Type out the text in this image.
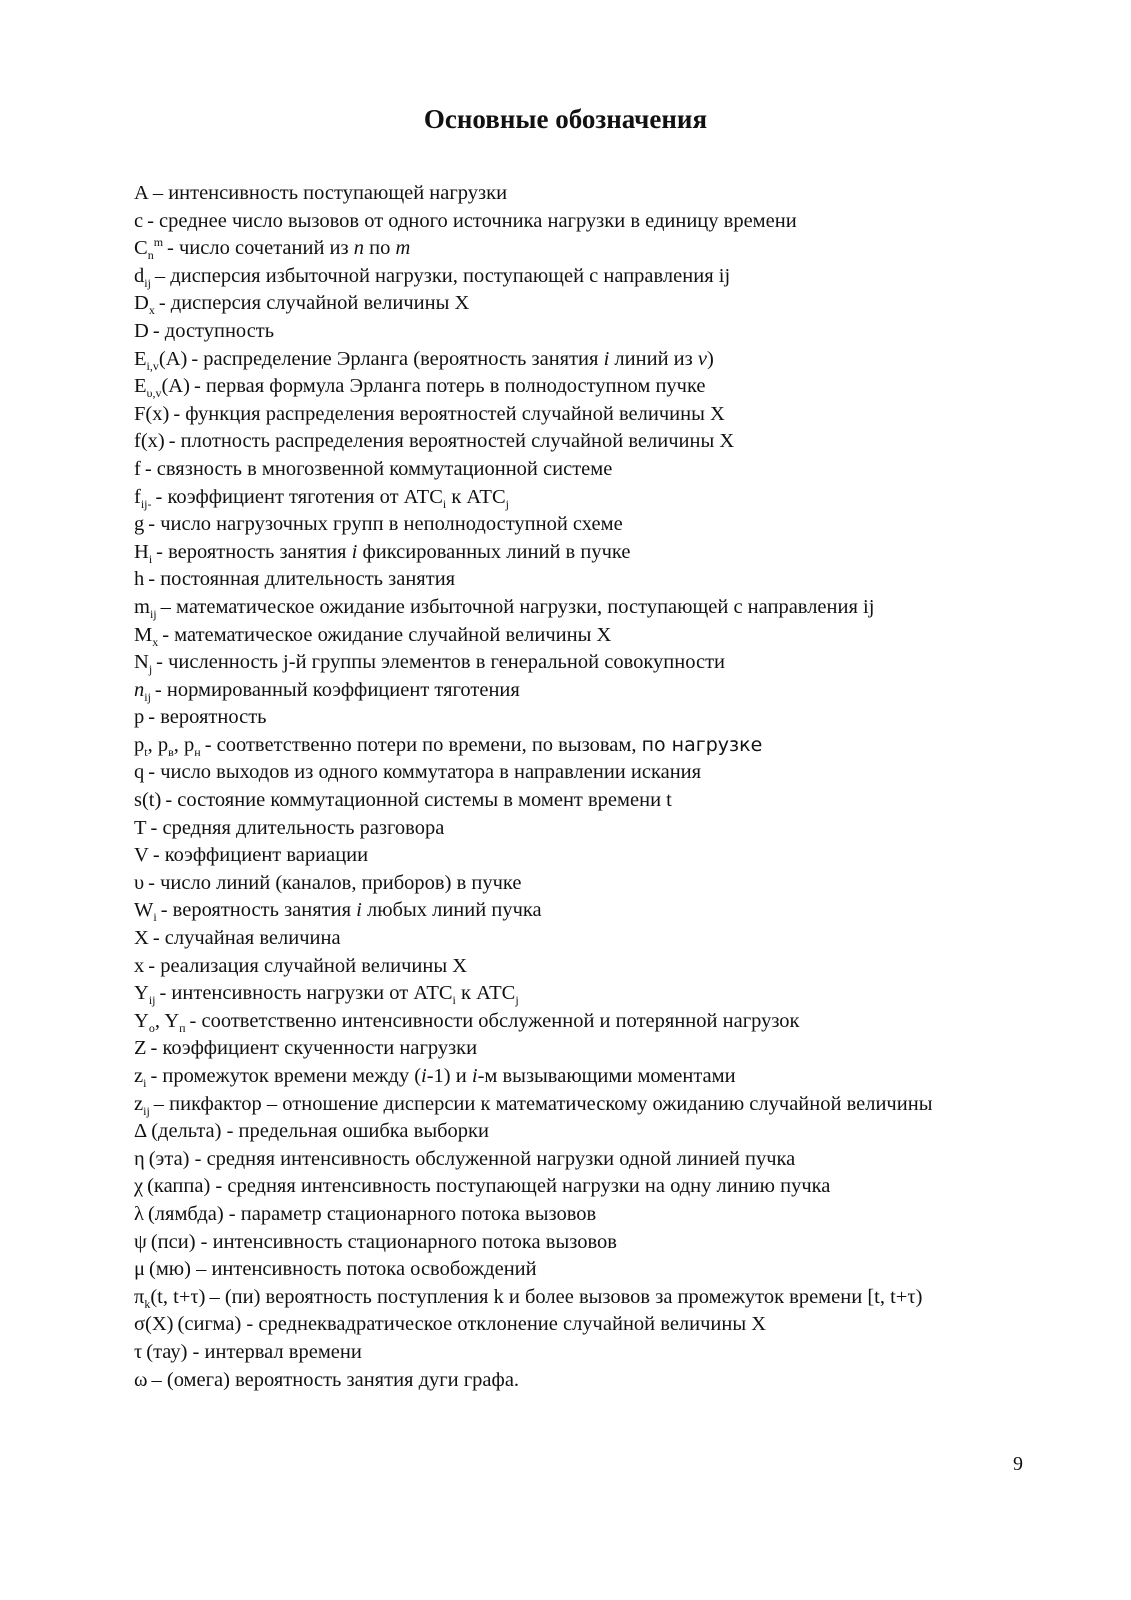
Основные обозначения
A – интенсивность поступающей нагрузки
c - среднее число вызовов от одного источника нагрузки в единицу времени
$C_n^m$ - число сочетаний из n по m
$d_{ij}$ – дисперсия избыточной нагрузки, поступающей с направления ij
$D_x$ - дисперсия случайной величины X
D - доступность
$E_{i,v}(A)$ - распределение Эрланга (вероятность занятия i линий из v)
$E_{\upsilon,v}(A)$ - первая формула Эрланга потерь в полнодоступном пучке
F(x) - функция распределения вероятностей случайной величины X
f(x) - плотность распределения вероятностей случайной величины X
f - связность в многозвенной коммутационной системе
$f_{ij-}$ - коэффициент тяготения от $АТС_i$ к $АТС_j$
g - число нагрузочных групп в неполнодоступной схеме
$H_i$ - вероятность занятия i фиксированных линий в пучке
h - постоянная длительность занятия
$m_{ij}$ – математическое ожидание избыточной нагрузки, поступающей с направления ij
$M_x$ - математическое ожидание случайной величины X
$N_j$ - численность j-й группы элементов в генеральной совокупности
$n_{ij}$ - нормированный коэффициент тяготения
p - вероятность
$p_t$, $p_в$, $p_н$ - соответственно потери по времени, по вызовам, по нагрузке
q - число выходов из одного коммутатора в направлении искания
s(t) - состояние коммутационной системы в момент времени t
T - средняя длительность разговора
V - коэффициент вариации
υ - число линий (каналов, приборов) в пучке
$W_i$ - вероятность занятия i любых линий пучка
X - случайная величина
x - реализация случайной величины X
$Y_{ij}$ - интенсивность нагрузки от $АТС_i$ к $АТС_j$
$Y_o$, $Y_п$ - соответственно интенсивности обслуженной и потерянной нагрузок
Z - коэффициент скученности нагрузки
$z_i$ - промежуток времени между (i-1) и i-м вызывающими моментами
$z_{ij}$ – пикфактор – отношение дисперсии к математическому ожиданию случайной величины
Δ (дельта) - предельная ошибка выборки
η (эта) - средняя интенсивность обслуженной нагрузки одной линией пучка
χ (каппа) - средняя интенсивность поступающей нагрузки на одну линию пучка
λ (лямбда) - параметр стационарного потока вызовов
ψ (пси) - интенсивность стационарного потока вызовов
μ (мю) – интенсивность потока освобождений
$\pi_k(t$, t+τ) – (пи) вероятность поступления k и более вызовов за промежуток времени [t, t+τ)
σ(X) (сигма) - среднеквадратическое отклонение случайной величины X
τ (тау) - интервал времени
ω – (омега) вероятность занятия дуги графа.
9
